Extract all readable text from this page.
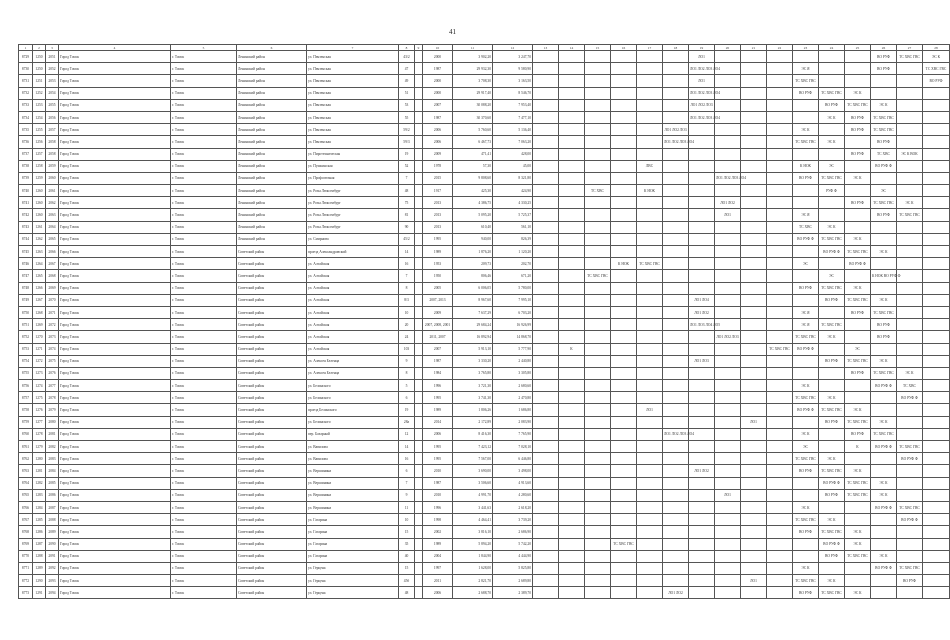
41
1	2	3	4	5	6	7	8	9	10	11	12	13	14	15	16	17	18	19	20	21	22	23	24	25	26	27	28
8729	1250	2051	Город Томск	г. Томск	Ленинский район	ул. Пензенская	43/2		2000	3 902,20	3 247,70							ЛО1							ВО РУФ	ТС ХВС ГВС	ЭС К
8730	1250	2052	Город Томск	г. Томск	Ленинский район	ул. Пензенская	47		1987	29 932,30	9 580,90							ЛО1 ЛО2 ЛО3 ЛО4				ЭС Я			ВО РУФ		ТС ХВС ГВС
8731	1251	2053	Город Томск	г. Томск	Ленинский район	ул. Пензенская	49		2000	3 708,30	3 163,50							ЛО1				ТС ХВС ГВС					ВО РУФ
8732	1252	2054	Город Томск	г. Томск	Ленинский район	ул. Пензенская	51		2000	29 917,40	8 546,70							ЛО1 ЛО2 ЛО3 ЛО4				ВО РУФ	ТС ХВС ГВС	ЭС К			
8733	1253	2055	Город Томск	г. Томск	Ленинский район	ул. Пензенская	53		2007	30 088,20	7 953,40							ЛО1 ЛО2 ЛО3					ВО РУФ	ТС ХВС ГВС	ЭС К		
8734	1254	2056	Город Томск	г. Томск	Ленинский район	ул. Пензенская	55		1987	30 370,60	7 477,10							ЛО1 ЛО2 ЛО3 ЛО4					ЭС К	ВО РУФ	ТС ХВС ГВС		
8735	1255	2057	Город Томск	г. Томск	Ленинский район	ул. Пензенская	59/2		2006	5 760,60	5 136,40						ЛО1 ЛО2 ЛО3					ЭС К		ВО РУФ	ТС ХВС ГВС		
8736	1256	2058	Город Томск	г. Томск	Ленинский район	ул. Пензенская	59/3		2006	6 467,73	7 063,20						ЛО1 ЛО2 ЛО3 ЛО4					ТС ХВС ГВС	ЭС К		ВО РУФ		
8737	1257	2058	Город Томск	г. Томск	Ленинский район	ул. Пиротехническая	19		2009	471,41	428,00													ВО РУФ	ТС ХВС	ЭС К ВОК	
8738	1258	2059	Город Томск	г. Томск	Ленинский район	ул. Пушкинская	52		1978	57,30	45,00					ЛВС						К НОК	ЭС		ВО РУФ Ф		
8739	1259	2060	Город Томск	г. Томск	Ленинский район	ул. Профсоюзная	7		2015	9 808,60	8 321,80								ЛО1 ЛО2 ЛО3 ЛО4			ВО РУФ	ТС ХВС ГВС	ЭС К			
8740	1260	2061	Город Томск	г. Томск	Ленинский район	ул. Розы Люксембург	48		1917	425,30	424,90			ТС ХВС		К НОК							РУФ Ф		ЭС		
8741	1260	2062	Город Томск	г. Томск	Ленинский район	ул. Розы Люксембург	75		2013	4 386,75	4 330,25								ЛО1 ЛО2					ВО РУФ	ТС ХВС ГВС	ЭС К	
8742	1260	2063	Город Томск	г. Томск	Ленинский район	ул. Розы Люксембург	81		2013	5 095,20	5 725,37								ЛО1			ЭС Я			ВО РУФ	ТС ХВС ГВС	
8743	1261	2064	Город Томск	г. Томск	Ленинский район	ул. Розы Люксембург	90		2013	610,40	561,10											ТС ХВС	ЭС К				
8744	1262	2065	Город Томск	г. Томск	Ленинский район	ул. Смирнова	45/2		1995	940,00	826,39											ВО РУФ Ф	ТС ХВС ГВС	ЭС К			
8745	1263	2066	Город Томск	г. Томск	Советский район	проезд Александровский	14		1989	1 876,20	1 120,20												ВО РУФ Ф	ТС ХВС ГВС	ЭС К		
8746	1264	2067	Город Томск	г. Томск	Советский район	ул. Алтайская	16		1953	209,73	202,70				К НОК	ТС ХВС ГВС						ЭС		ВО РУФ Ф			
8747	1265	2068	Город Томск	г. Томск	Советский район	ул. Алтайская	7		1950	806,46	671,20			ТС ХВС ГВС									ЭС		К НОК ВО РУФ Ф		
8748	1266	2069	Город Томск	г. Томск	Советский район	ул. Алтайская	8		2005	6 006,05	5 780,00											ВО РУФ	ТС ХВС ГВС	ЭС К			
8749	1267	2070	Город Томск	г. Томск	Советский район	ул. Алтайская	8/3		2007, 2013	8 967,60	7 995,10							ЛО1 ЛО4					ВО РУФ	ТС ХВС ГВС	ЭС К		
8750	1268	2071	Город Томск	г. Томск	Советский район	ул. Алтайская	10		2009	7 637,29	6 703,20							ЛО1 ЛО2				ЭС Я		ВО РУФ	ТС ХВС ГВС		
8751	1269	2072	Город Томск	г. Томск	Советский район	ул. Алтайская	20		2007, 2008, 2001	29 684,24	16 926,99							ЛО1 ЛО3 ЛО4 ЛО5				ЭС Я	ТС ХВС ГВС		ВО РУФ		
8752	1270	2073	Город Томск	г. Томск	Советский район	ул. Алтайская	24		2011, 2007	16 892,94	14 868,70								ЛО1 ЛО2 ЛО3			ТС ХВС ГВС	ЭС К		ВО РУФ		
8753	1271	2074	Город Томск	г. Томск	Советский район	ул. Алтайская	103		2007	5 913,10	5 777,90		К								ТС ХВС ГВС	ВО РУФ Ф		ЭС			
8754	1272	2075	Город Томск	г. Томск	Советский район	ул. Алексея Беленца	9		1987	3 330,20	2 440,80							ЛО1 ЛО3					ВО РУФ	ТС ХВС ГВС	ЭС К		
8755	1273	2076	Город Томск	г. Томск	Советский район	ул. Алексея Беленца	8		1984	3 765,80	3 305,80													ВО РУФ	ТС ХВС ГВС	ЭС К	
8756	1274	2077	Город Томск	г. Томск	Советский район	ул. Белинского	5		1996	3 721,30	2 680,60											ЭС К			ВО РУФ Ф	ТС ХВС	
8757	1275	2078	Город Томск	г. Томск	Советский район	ул. Белинского	6		1995	3 741,30	2 470,80											ТС ХВС ГВС	ЭС К			ВО РУФ Ф	
8758	1276	2079	Город Томск	г. Томск	Советский район	проезд Белинского	19		1989	1 806,26	1 686,80					ЛО1						ВО РУФ Ф	ТС ХВС ГВС	ЭС К			
8759	1277	2080	Город Томск	г. Томск	Советский район	ул. Белинского	28а		2014	2 172,89	2 083,90									ЛО1			ВО РУФ	ТС ХВС ГВС	ЭС К		
8760	1278	2081	Город Томск	г. Томск	Советский район	пер. Базарный	12		2006	8 416,30	7 765,90						ЛО1 ЛО2 ЛО3 ЛО4					ЭС К		ВО РУФ	ТС ХВС ГВС		
8761	1279	2082	Город Томск	г. Томск	Советский район	ул. Вавилова	14		1995	7 423,12	7 028,10											ЭС		К	ВО РУФ Ф	ТС ХВС ГВС	
8762	1280	2083	Город Томск	г. Томск	Советский район	ул. Вавилова	16		1995	7 567,00	6 446,80											ТС ХВС ГВС	ЭС К			ВО РУФ Ф	
8763	1281	2084	Город Томск	г. Томск	Советский район	ул. Вершинина	6		2010	3 690,00	3 498,00							ЛО1 ЛО2				ВО РУФ	ТС ХВС ГВС	ЭС К			
8764	1282	2085	Город Томск	г. Томск	Советский район	ул. Вершинина	7		1987	3 506,60	4 913,60												ВО РУФ Ф	ТС ХВС ГВС	ЭС К		
8765	1283	2086	Город Томск	г. Томск	Советский район	ул. Вершинина	9		2010	4 991,70	4 280,60								ЛО1				ВО РУФ	ТС ХВС ГВС	ЭС К		
8766	1284	2087	Город Томск	г. Томск	Советский район	ул. Вершинина	11		1996	3 441,63	2 618,20											ЭС К			ВО РУФ Ф	ТС ХВС ГВС	
8767	1285	2088	Город Томск	г. Томск	Советский район	ул. Гагарина	10		1998	4 464,41	3 739,20											ТС ХВС ГВС	ЭС К			ВО РУФ Ф	
8768	1286	2089	Город Томск	г. Томск	Советский район	ул. Гагарина	15		2002	3 816,10	2 686,90											ВО РУФ	ТС ХВС ГВС	ЭС К			
8769	1287	2090	Город Томск	г. Томск	Советский район	ул. Гагарина	35		1989	5 894,20	5 742,20				ТС ХВС ГВС								ВО РУФ Ф	ЭС К			
8770	1288	2091	Город Томск	г. Томск	Советский район	ул. Гагарина	40		2004	1 844,90	4 444,90												ВО РУФ	ТС ХВС ГВС	ЭС К		
8771	1289	2092	Город Томск	г. Томск	Советский район	ул. Герцена	15		1997	1 628,00	5 825,80											ЭС К			ВО РУФ Ф	ТС ХВС ГВС	
8772	1290	2093	Город Томск	г. Томск	Советский район	ул. Герцена	45б		2011	2 821,70	2 689,80									ЛО1		ТС ХВС ГВС	ЭС К			ВО РУФ	
8773	1291	2094	Город Томск	г. Томск	Советский район	ул. Герцена	48		2006	2 688,70	2 389,70						ЛО1 ЛО2					ВО РУФ	ТС ХВС ГВС	ЭС К			
